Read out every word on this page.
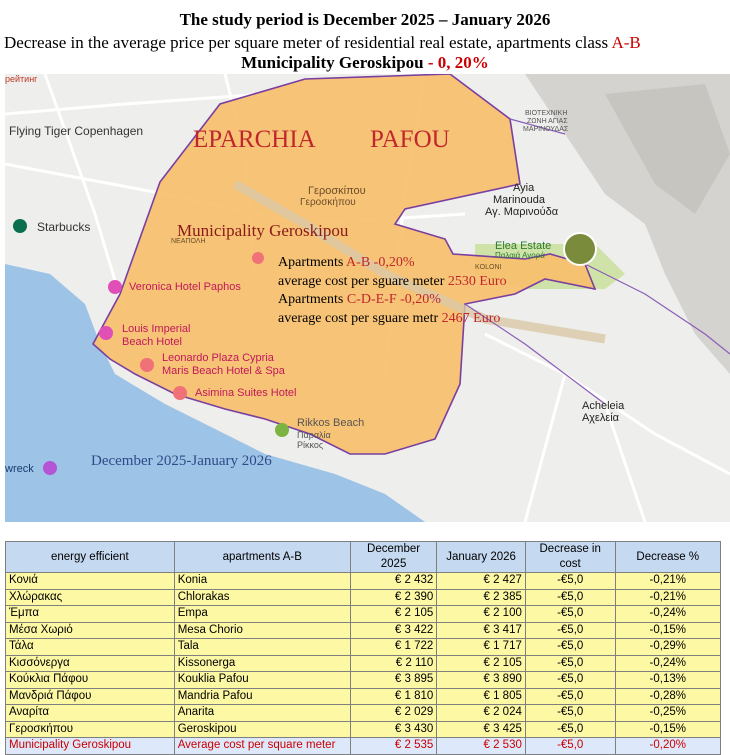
The study period is December 2025 – January 2026
Decrease in the average price per square meter of residential real estate, apartments class A-B
Municipality Geroskipou - 0, 20%
рейтинг
Flying Tiger Copenhagen
Starbucks
EPARCHIA PAFOU
Γεροσκίπου
Γεροσκήπου
Ayia
Marinouda
Αγ. Μαρινούδα
ΒΙΟΤΕΧΝΙΚΗ
ΖΩΝΗ ΑΓΙΑΣ
ΜΑΡΙΝΟΥΔΑΣ
Municipality Geroskipou
ΝΕΑΠΟΛΗ
KOLONI
Elea Estate
Παλαιά Αγορά
Apartments A-B -0,20%
average cost per sguare meter 2530 Euro
Apartments C-D-E-F -0,20%
average cost per sguare metr 2467 Euro
Veronica Hotel Paphos
Louis Imperial
Beach Hotel
Leonardo Plaza Cypria
Maris Beach Hotel & Spa
Asimina Suites Hotel
Rikkos Beach
Παραλία
Ρίκκος
Acheleia
Αχελεία
wreck	December 2025-January 2026
energy efficient	apartments A-B	December 2025	January 2026	Decrease in cost	Decrease %
Κονιά	Konia	€ 2 432	€ 2 427	-€5,0	-0,21%
Χλώρακας	Chlorakas	€ 2 390	€ 2 385	-€5,0	-0,21%
Έμπα	Empa	€ 2 105	€ 2 100	-€5,0	-0,24%
Μέσα Χωριό	Mesa Chorio	€ 3 422	€ 3 417	-€5,0	-0,15%
Τάλα	Tala	€ 1 722	€ 1 717	-€5,0	-0,29%
Κισσόνεργα	Kissonerga	€ 2 110	€ 2 105	-€5,0	-0,24%
Κούκλια Πάφου	Kouklia Pafou	€ 3 895	€ 3 890	-€5,0	-0,13%
Μανδριά Πάφου	Mandria Pafou	€ 1 810	€ 1 805	-€5,0	-0,28%
Αναρίτα	Anarita	€ 2 029	€ 2 024	-€5,0	-0,25%
Γεροσκήπου	Geroskipou	€ 3 430	€ 3 425	-€5,0	-0,15%
Municipality Geroskipou	Average cost per square meter	€ 2 535	€ 2 530	-€5,0	-0,20%
